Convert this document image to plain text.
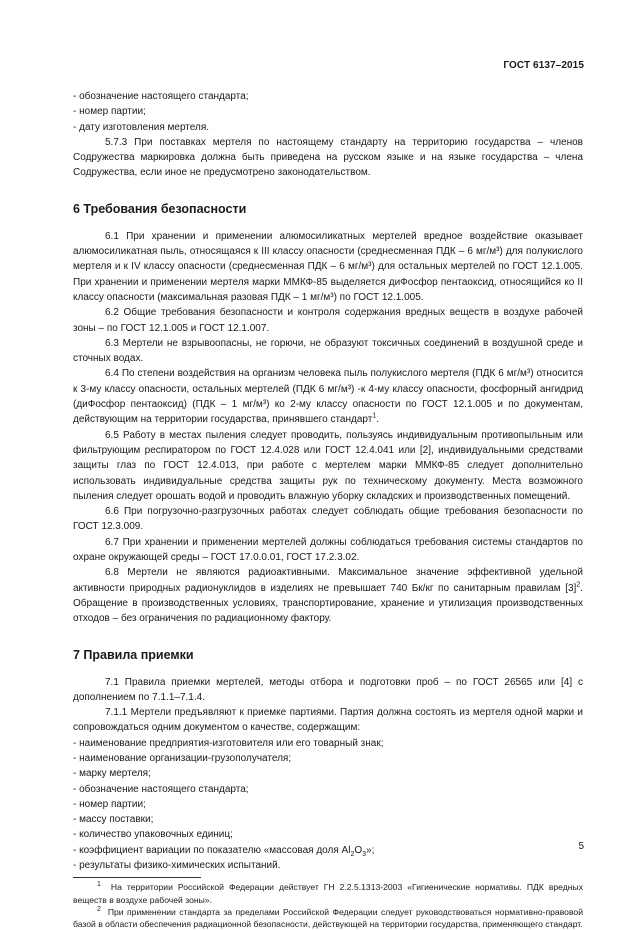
ГОСТ 6137–2015
- обозначение настоящего стандарта;
- номер партии;
- дату изготовления мертеля.

5.7.3 При поставках мертеля по настоящему стандарту на территорию государства – членов Содружества маркировка должна быть приведена на русском языке и на языке государства – члена Содружества, если иное не предусмотрено законодательством.

6 Требования безопасности

6.1 При хранении и применении алюмосиликатных мертелей вредное воздействие оказывает алюмосиликатная пыль, относящаяся к III классу опасности (среднесменная ПДК – 6 мг/м³) для полукислого мертеля и к IV классу опасности (среднесменная ПДК – 6 мг/м³) для остальных мертелей по ГОСТ 12.1.005. При хранении и применении мертеля марки ММКФ-85 выделяется диФосфор пентаоксид, относящийся ко II классу опасности (максимальная разовая ПДК – 1 мг/м³) по ГОСТ 12.1.005.

6.2 Общие требования безопасности и контроля содержания вредных веществ в воздухе рабочей зоны – по ГОСТ 12.1.005 и ГОСТ 12.1.007.

6.3 Мертели не взрывоопасны, не горючи, не образуют токсичных соединений в воздушной среде и сточных водах.

6.4 По степени воздействия на организм человека пыль полукислого мертеля (ПДК 6 мг/м³) относится к 3-му классу опасности, остальных мертелей (ПДК 6 мг/м³) -к 4-му классу опасности, фосфорный ангидрид (диФосфор пентаоксид) (ПДК – 1 мг/м³) ко 2-му классу опасности по ГОСТ 12.1.005 и по документам, действующим на территории государства, принявшего стандарт$^1$.

6.5 Работу в местах пыления следует проводить, пользуясь индивидуальным противопыльным или фильтрующим респиратором по ГОСТ 12.4.028 или ГОСТ 12.4.041 или [2], индивидуальными средствами защиты глаз по ГОСТ 12.4.013, при работе с мертелем марки ММКФ-85 следует дополнительно использовать индивидуальные средства защиты рук по техническому документу. Места возможного пыления следует орошать водой и проводить влажную уборку складских и производственных помещений.

6.6 При погрузочно-разгрузочных работах следует соблюдать общие требования безопасности по ГОСТ 12.3.009.

6.7 При хранении и применении мертелей должны соблюдаться требования системы стандартов по охране окружающей среды – ГОСТ 17.0.0.01, ГОСТ 17.2.3.02.

6.8 Мертели не являются радиоактивными. Максимальное значение эффективной удельной активности природных радионуклидов в изделиях не превышает 740 Бк/кг по санитарным правилам $[3]^2$. Обращение в производственных условиях, транспортирование, хранение и утилизация производственных отходов – без ограничения по радиационному фактору.

7 Правила приемки

7.1 Правила приемки мертелей, методы отбора и подготовки проб – по ГОСТ 26565 или [4] с дополнением по 7.1.1–7.1.4.

7.1.1 Мертели предъявляют к приемке партиями. Партия должна состоять из мертеля одной марки и сопровождаться одним документом о качестве, содержащим:

- наименование предприятия-изготовителя или его товарный знак;
- наименование организации-грузополучателя;
- марку мертеля;
- обозначение настоящего стандарта;
- номер партии;
- массу поставки;
- количество упаковочных единиц;
- коэффициент вариации по показателю «массовая доля $Al_2O_3$»;
- результаты физико-химических испытаний.

$^1$ На территории Российской Федерации действует ГН 2.2.5.1313-2003 «Гигиенические нормативы. ПДК вредных веществ в воздухе рабочей зоны».

$^2$ При применении стандарта за пределами Российской Федерации следует руководствоваться нормативно-правовой базой в области обеспечения радиационной безопасности, действующей на территории государства, применяющего стандарт.

5
